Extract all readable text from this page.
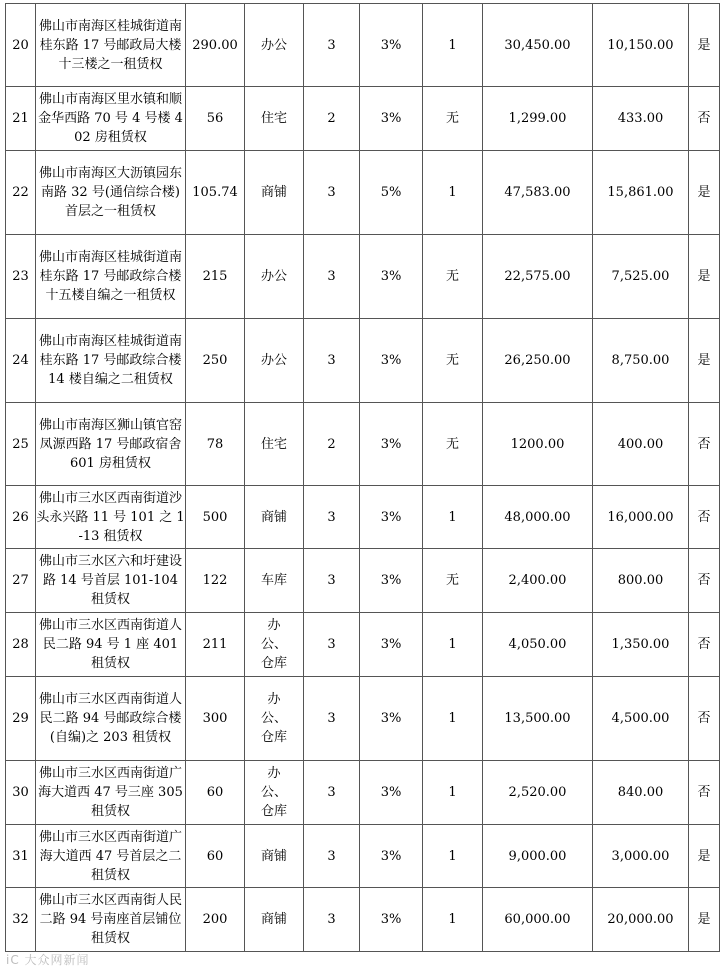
20	佛山市南海区桂城街道南桂东路 17 号邮政局大楼十三楼之一租赁权	290.00	办公	3	3%	1	30,450.00	10,150.00	是
21	佛山市南海区里水镇和顺金华西路 70 号 4 号楼 402 房租赁权	56	住宅	2	3%	无	1,299.00	433.00	否
22	佛山市南海区大沥镇园东南路 32 号(通信综合楼)首层之一租赁权	105.74	商铺	3	5%	1	47,583.00	15,861.00	是
23	佛山市南海区桂城街道南桂东路 17 号邮政综合楼十五楼自编之一租赁权	215	办公	3	3%	无	22,575.00	7,525.00	是
24	佛山市南海区桂城街道南桂东路 17 号邮政综合楼 14 楼自编之二租赁权	250	办公	3	3%	无	26,250.00	8,750.00	是
25	佛山市南海区狮山镇官窑凤源西路 17 号邮政宿舍 601 房租赁权	78	住宅	2	3%	无	1200.00	400.00	否
26	佛山市三水区西南街道沙头永兴路 11 号 101 之 1-13 租赁权	500	商铺	3	3%	1	48,000.00	16,000.00	否
27	佛山市三水区六和圩建设路 14 号首层 101-104 租赁权	122	车库	3	3%	无	2,400.00	800.00	否
28	佛山市三水区西南街道人民二路 94 号 1 座 401 租赁权	211	办公、仓库	3	3%	1	4,050.00	1,350.00	否
29	佛山市三水区西南街道人民二路 94 号邮政综合楼(自编)之 203 租赁权	300	办公、仓库	3	3%	1	13,500.00	4,500.00	否
30	佛山市三水区西南街道广海大道西 47 号三座 305 租赁权	60	办公、仓库	3	3%	1	2,520.00	840.00	否
31	佛山市三水区西南街道广海大道西 47 号首层之二租赁权	60	商铺	3	3%	1	9,000.00	3,000.00	是
32	佛山市三水区西南街人民二路 94 号南座首层铺位租赁权	200	商铺	3	3%	1	60,000.00	20,000.00	是
iC 大众网新闻
